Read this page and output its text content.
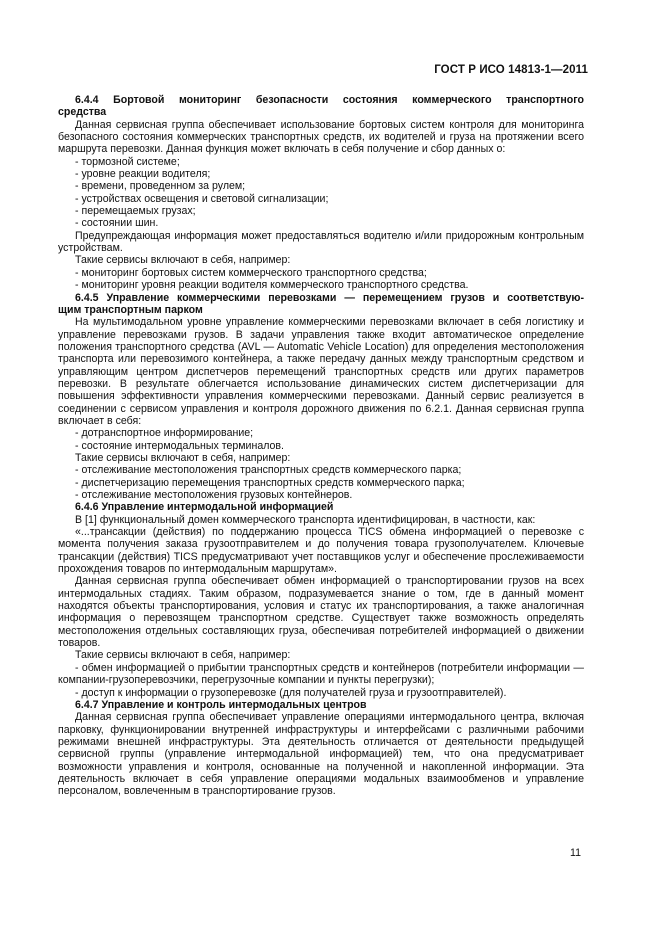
ГОСТ Р ИСО 14813-1—2011

6.4.4 Бортовой мониторинг безопасности состояния коммерческого транспортного

средства

Данная сервисная группа обеспечивает использование бортовых систем контроля для мониторинга безопасного состояния коммерческих транспортных средств, их водителей и груза на протяжении всего маршрута перевозки. Данная функция может включать в себя получение и сбор данных о:

- тормозной системе;

- уровне реакции водителя;

- времени, проведенном за рулем;

- устройствах освещения и световой сигнализации;

- перемещаемых грузах;

- состоянии шин.

Предупреждающая информация может предоставляться водителю и/или придорожным контрольным устройствам.

Такие сервисы включают в себя, например:

- мониторинг бортовых систем коммерческого транспортного средства;

- мониторинг уровня реакции водителя коммерческого транспортного средства.

6.4.5 Управление коммерческими перевозками — перемещением грузов и соответствую-

щим транспортным парком

На мультимодальном уровне управление коммерческими перевозками включает в себя логистику и управление перевозками грузов. В задачи управления также входит автоматическое определение положения транспортного средства (AVL — Automatic Vehicle Location) для определения местоположения транспорта или перевозимого контейнера, а также передачу данных между транспортным средством и управляющим центром диспетчеров перемещений транспортных средств или других параметров перевозки. В результате облегчается использование динамических систем диспетчеризации для повышения эффективности управления коммерческими перевозками. Данный сервис реализуется в соединении с сервисом управления и контроля дорожного движения по 6.2.1. Данная сервисная группа включает в себя:

- дотранспортное информирование;

- состояние интермодальных терминалов.

Такие сервисы включают в себя, например:

- отслеживание местоположения транспортных средств коммерческого парка;

- диспетчеризацию перемещения транспортных средств коммерческого парка;

- отслеживание местоположения грузовых контейнеров.

6.4.6 Управление интермодальной информацией

В [1] функциональный домен коммерческого транспорта идентифицирован, в частности, как:

«...трансакции (действия) по поддержанию процесса TICS обмена информацией о перевозке с момента получения заказа грузоотправителем и до получения товара грузополучателем. Ключевые трансакции (действия) TICS предусматривают учет поставщиков услуг и обеспечение прослеживаемости прохождения товаров по интермодальным маршрутам».

Данная сервисная группа обеспечивает обмен информацией о транспортировании грузов на всех интермодальных стадиях. Таким образом, подразумевается знание о том, где в данный момент находятся объекты транспортирования, условия и статус их транспортирования, а также аналогичная информация о перевозящем транспортном средстве. Существует также возможность определять местоположения отдельных составляющих груза, обеспечивая потребителей информацией о движении товаров.

Такие сервисы включают в себя, например:

- обмен информацией о прибытии транспортных средств и контейнеров (потребители информации — компании-грузоперевозчики, перегрузочные компании и пункты перегрузки);

- доступ к информации о грузоперевозке (для получателей груза и грузоотправителей).

6.4.7 Управление и контроль интермодальных центров

Данная сервисная группа обеспечивает управление операциями интермодального центра, включая парковку, функционировании внутренней инфраструктуры и интерфейсами с различными рабочими режимами внешней инфраструктуры. Эта деятельность отличается от деятельности предыдущей сервисной группы (управление интермодальной информацией) тем, что она предусматривает возможности управления и контроля, основанные на полученной и накопленной информации. Эта деятельность включает в себя управление операциями модальных взаимообменов и управление персоналом, вовлеченным в транспортирование грузов.

11
